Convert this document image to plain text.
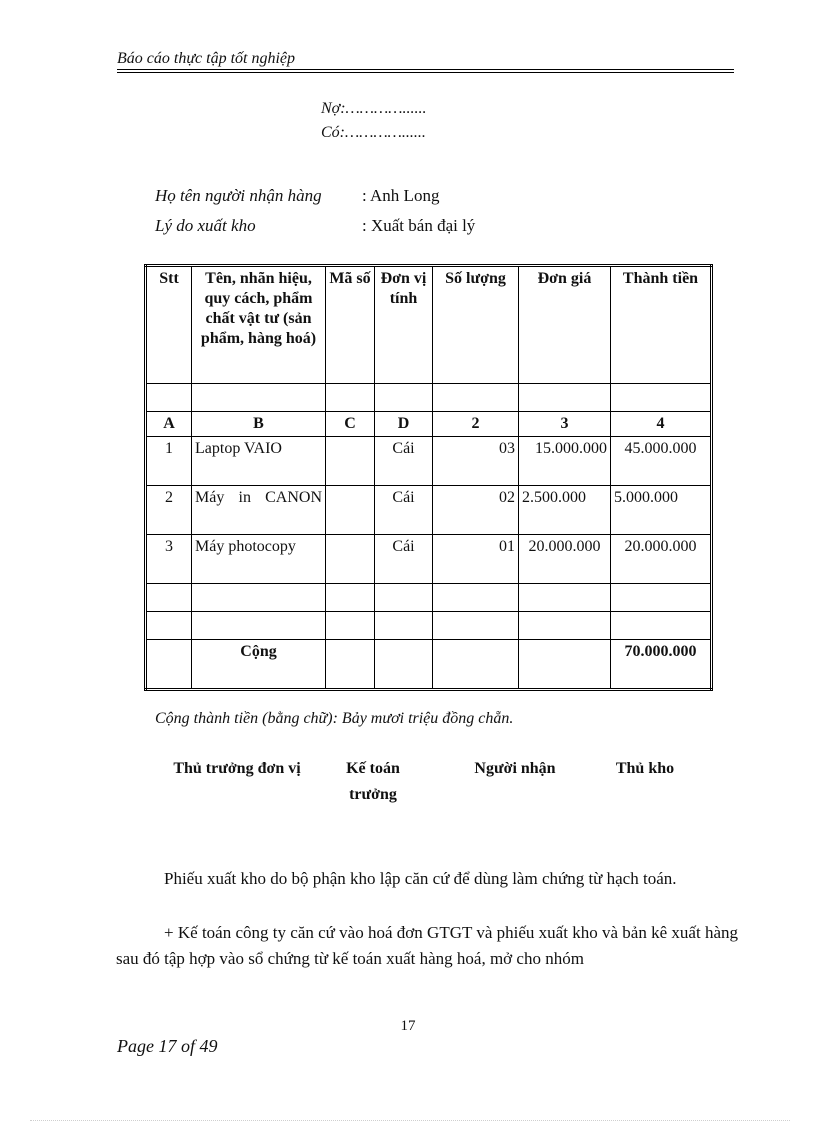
Báo cáo thực tập tốt nghiệp
Nợ:…………......
Có:…………......
Họ tên người nhận hàng : Anh Long
Lý do xuất kho	: Xuất bán đại lý
Stt	Tên, nhãn hiệu, quy cách, phẩm chất vật tư (sản phẩm, hàng hoá)	Mã số	Đơn vị tính	Số lượng	Đơn giá	Thành tiền

A	B	C	D	2	3	4
1	Laptop VAIO		Cái	03	15.000.000	45.000.000
2	Máy in CANON		Cái	02	2.500.000	5.000.000
3	Máy photocopy		Cái	01	20.000.000	20.000.000

	Cộng					70.000.000
Cộng thành tiền (bằng chữ): Bảy mươi triệu đồng chẵn.
Thủ trưởng đơn vị	Kế toán trưởng
Người nhận	Thủ kho
Phiếu xuất kho do bộ phận kho lập căn cứ để dùng làm chứng từ hạch toán.
+ Kế toán công ty căn cứ vào hoá đơn GTGT và phiếu xuất kho và bản kê xuất hàng sau đó tập hợp vào sổ chứng từ kế toán xuất hàng hoá, mở cho nhóm
17
Page 17 of 49
